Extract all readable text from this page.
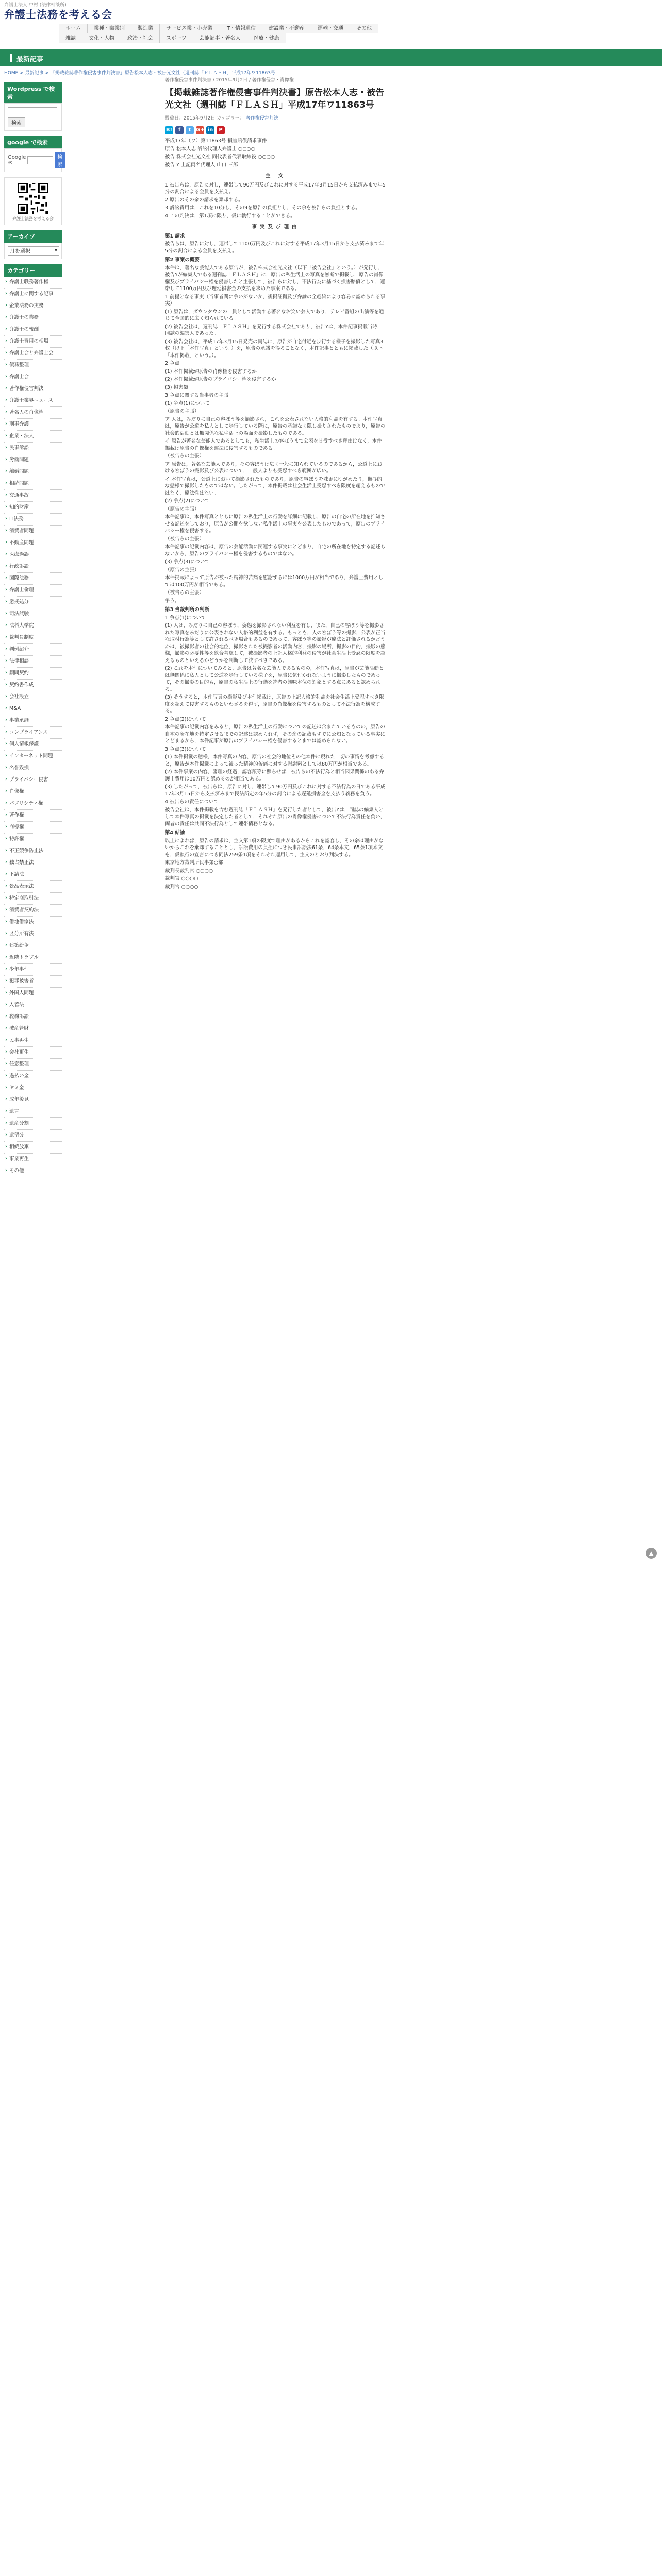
弁護士法人 中村 (法律相談所)
弁護士法務を考える会
ホーム	業種・職業別	製造業	サービス業・小売業	IT・情報通信	建設業・不動産	運輸・交通	その他
雑誌	文化・人物	政治・社会	スポーツ	芸能記事・著名人	医療・健康
最新記事
HOME > 最新記事 > 「掲載雑誌著作権侵害事件判決書」原告松本人志・被告光文社（週刊誌「ＦＬＡＳＨ」平成17年ワ11863号
Wordpress で検索
検索
google で検索
Google ®
検索
弁護士法務を考える会
アーカイブ
月を選択	▾
カテゴリー
› 弁護士職務著作権
› 弁護士に関する記事
› 企業法務の実務
› 弁護士の業務
› 弁護士の報酬
› 弁護士費用の相場
› 弁護士会と弁護士会
› 債務整理
› 弁護士会
› 著作権侵害判決
› 弁護士業界ニュース
› 著名人の肖像権
› 刑事弁護
› 企業・法人
› 民事訴訟
› 労働問題
› 離婚問題
› 相続問題
› 交通事故
› 知的財産
› IT法務
› 消費者問題
› 不動産問題
› 医療過誤
› 行政訴訟
› 国際法務
› 弁護士倫理
› 懲戒処分
› 司法試験
› 法科大学院
› 裁判員制度
› 判例紹介
› 法律相談
› 顧問契約
› 契約書作成
› 会社設立
› M&A
› 事業承継
› コンプライアンス
› 個人情報保護
› インターネット問題
› 名誉毀損
› プライバシー侵害
› 肖像権
› パブリシティ権
› 著作権
› 商標権
› 特許権
› 不正競争防止法
› 独占禁止法
› 下請法
› 景品表示法
› 特定商取引法
› 消費者契約法
› 借地借家法
› 区分所有法
› 建築紛争
› 近隣トラブル
› 少年事件
› 犯罪被害者
› 外国人問題
› 入管法
› 税務訴訟
› 破産管財
› 民事再生
› 会社更生
› 任意整理
› 過払い金
› ヤミ金
› 成年後見
› 遺言
› 遺産分割
› 遺留分
› 相続放棄
› 事業再生
› その他
著作権侵害事件判決書 / 2015年9月2日 / 著作権侵害・肖像権
【掲載雑誌著作権侵害事件判決書】原告松本人志・被告光文社（週刊誌「ＦＬＡＳＨ」平成17年ワ11863号
投稿日：2015年9月2日 カテゴリー： 著作権侵害判決
B!	f	t G+ in	P

平成17年（ワ）第11863号 損害賠償請求事件

原告 松本人志 訴訟代理人弁護士 ○○○○

被告 株式会社光文社 同代表者代表取締役 ○○○○

被告 Y 上記両名代理人 山口 三郎

主 文

1 被告らは，原告に対し，連帯して90万円及びこれに対する平成17年3月15日から支払済みまで年5分の割合による金員を支払え。

2 原告のその余の請求を棄却する。

3 訴訟費用は，これを10分し，その9を原告の負担とし，その余を被告らの負担とする。

4 この判決は，第1項に限り，仮に執行することができる。

事実及び理由

第1 請求

被告らは，原告に対し，連帯して1100万円及びこれに対する平成17年3月15日から支払済みまで年5分の割合による金員を支払え。

第2 事案の概要

本件は，著名な芸能人である原告が，被告株式会社光文社（以下「被告会社」という。）が発行し，被告Yが編集人である週刊誌「ＦＬＡＳＨ」に，原告の私生活上の写真を無断で掲載し，原告の肖像権及びプライバシー権を侵害したと主張して，被告らに対し，不法行為に基づく損害賠償として，連帯して1100万円及び遅延損害金の支払を求めた事案である。

1 前提となる事実（当事者間に争いがないか，後掲証拠及び弁論の全趣旨により容易に認められる事実）

(1) 原告は，ダウンタウンの一員として活動する著名なお笑い芸人であり，テレビ番組の出演等を通じて全国的に広く知られている。

(2) 被告会社は，週刊誌「ＦＬＡＳＨ」を発行する株式会社であり，被告Yは，本件記事掲載当時，同誌の編集人であった。

(3) 被告会社は，平成17年3月15日発売の同誌に，原告が自宅付近を歩行する様子を撮影した写真3枚（以下「本件写真」という。）を，原告の承諾を得ることなく，本件記事とともに掲載した（以下「本件掲載」という。）。

2 争点

(1) 本件掲載が原告の肖像権を侵害するか

(2) 本件掲載が原告のプライバシー権を侵害するか

(3) 損害額

3 争点に関する当事者の主張

(1) 争点(1)について

（原告の主張）

ア 人は，みだりに自己の容ぼう等を撮影され，これを公表されない人格的利益を有する。本件写真は，原告が公道を私人として歩行している際に，原告の承諾なく隠し撮りされたものであり，原告の社会的活動とは無関係な私生活上の場面を撮影したものである。

イ 原告が著名な芸能人であるとしても，私生活上の容ぼうまで公表を甘受すべき理由はなく，本件掲載は原告の肖像権を違法に侵害するものである。

（被告らの主張）

ア 原告は，著名な芸能人であり，その容ぼうは広く一般に知られているのであるから，公道上における容ぼうの撮影及び公表について，一般人よりも受忍すべき範囲が広い。

イ 本件写真は，公道上において撮影されたものであり，原告の容ぼうを殊更にゆがめたり，侮辱的な態様で撮影したものではない。したがって，本件掲載は社会生活上受忍すべき限度を超えるものではなく，違法性はない。

(2) 争点(2)について

（原告の主張）

本件記事は，本件写真とともに原告の私生活上の行動を詳細に記載し，原告の自宅の所在地を推知させる記述をしており，原告が公開を欲しない私生活上の事実を公表したものであって，原告のプライバシー権を侵害する。

（被告らの主張）

本件記事の記載内容は，原告の芸能活動に関連する事実にとどまり，自宅の所在地を特定する記述もないから，原告のプライバシー権を侵害するものではない。

(3) 争点(3)について

（原告の主張）

本件掲載によって原告が被った精神的苦痛を慰謝するには1000万円が相当であり，弁護士費用としては100万円が相当である。

（被告らの主張）

争う。

第3 当裁判所の判断

1 争点(1)について

(1) 人は，みだりに自己の容ぼう，姿態を撮影されない利益を有し，また，自己の容ぼう等を撮影された写真をみだりに公表されない人格的利益を有する。もっとも，人の容ぼう等の撮影，公表が正当な取材行為等として許されるべき場合もあるのであって，容ぼう等の撮影が違法と評価されるかどうかは，被撮影者の社会的地位，撮影された被撮影者の活動内容，撮影の場所，撮影の目的，撮影の態様，撮影の必要性等を総合考慮して，被撮影者の上記人格的利益の侵害が社会生活上受忍の限度を超えるものといえるかどうかを判断して決すべきである。

(2) これを本件についてみると，原告は著名な芸能人であるものの，本件写真は，原告が芸能活動とは無関係に私人として公道を歩行している様子を，原告に気付かれないように撮影したものであって，その撮影の目的も，原告の私生活上の行動を読者の興味本位の対象とする点にあると認められる。

(3) そうすると，本件写真の撮影及び本件掲載は，原告の上記人格的利益を社会生活上受忍すべき限度を超えて侵害するものといわざるを得ず，原告の肖像権を侵害するものとして不法行為を構成する。

2 争点(2)について

本件記事の記載内容をみると，原告の私生活上の行動についての記述は含まれているものの，原告の自宅の所在地を特定させるまでの記述は認められず，その余の記載もすでに公知となっている事実にとどまるから，本件記事が原告のプライバシー権を侵害するとまでは認められない。

3 争点(3)について

(1) 本件掲載の態様，本件写真の内容，原告の社会的地位その他本件に現れた一切の事情を考慮すると，原告が本件掲載によって被った精神的苦痛に対する慰謝料としては80万円が相当である。

(2) 本件事案の内容，審理の経過，認容額等に照らせば，被告らの不法行為と相当因果関係のある弁護士費用は10万円と認めるのが相当である。

(3) したがって，被告らは，原告に対し，連帯して90万円及びこれに対する不法行為の日である平成17年3月15日から支払済みまで民法所定の年5分の割合による遅延損害金を支払う義務を負う。

4 被告らの責任について

被告会社は，本件掲載を含む週刊誌「ＦＬＡＳＨ」を発行した者として，被告Yは，同誌の編集人として本件写真の掲載を決定した者として，それぞれ原告の肖像権侵害について不法行為責任を負い，両者の責任は共同不法行為として連帯債務となる。

第4 結論

以上によれば，原告の請求は，主文第1項の限度で理由があるからこれを認容し，その余は理由がないからこれを棄却することとし，訴訟費用の負担につき民事訴訟法61条，64条本文，65条1項本文を，仮執行の宣言につき同法259条1項をそれぞれ適用して，主文のとおり判決する。

東京地方裁判所民事第○部

裁判長裁判官 ○○○○

裁判官 ○○○○

裁判官 ○○○○

▲
